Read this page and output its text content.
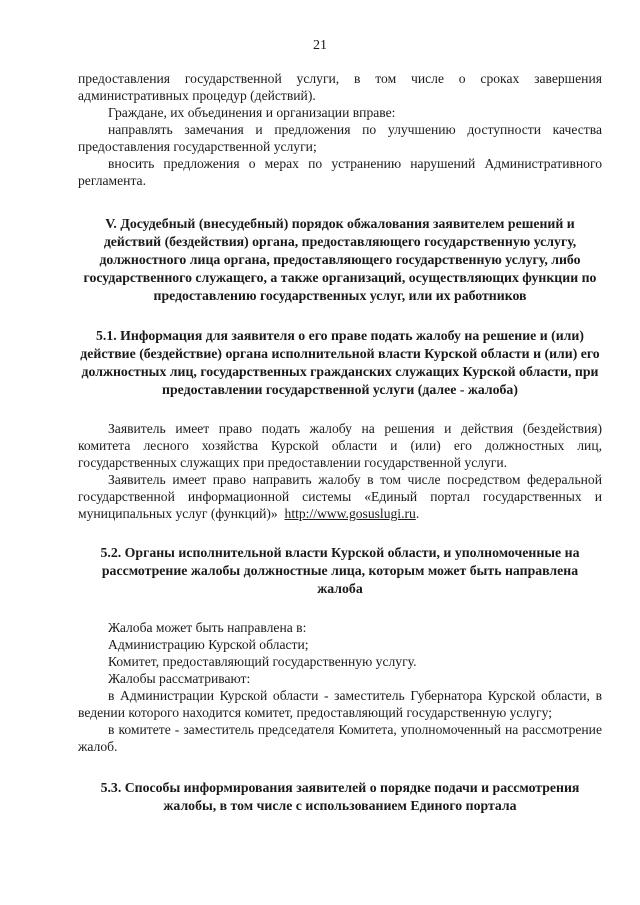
21

предоставления государственной услуги, в том числе о сроках завершения административных процедур (действий).

Граждане, их объединения и организации вправе:

направлять замечания и предложения по улучшению доступности качества предоставления государственной услуги;

вносить предложения о мерах по устранению нарушений Административного регламента.

V. Досудебный (внесудебный) порядок обжалования заявителем решений и действий (бездействия) органа, предоставляющего государственную услугу, должностного лица органа, предоставляющего государственную услугу, либо государственного служащего, а также организаций, осуществляющих функции по предоставлению государственных услуг, или их работников
5.1. Информация для заявителя о его праве подать жалобу на решение и (или) действие (бездействие) органа исполнительной власти Курской области и (или) его должностных лиц, государственных гражданских служащих Курской области, при предоставлении государственной услуги (далее - жалоба)

Заявитель имеет право подать жалобу на решения и действия (бездействия) комитета лесного хозяйства Курской области и (или) его должностных лиц, государственных служащих при предоставлении государственной услуги.

Заявитель имеет право направить жалобу в том числе посредством федеральной государственной информационной системы «Единый портал государственных и муниципальных услуг (функций)» http://www.gosuslugi.ru.

5.2. Органы исполнительной власти Курской области, и уполномоченные на рассмотрение жалобы должностные лица, которым может быть направлена жалоба

Жалоба может быть направлена в:

Администрацию Курской области;

Комитет, предоставляющий государственную услугу.

Жалобы рассматривают:

в Администрации Курской области - заместитель Губернатора Курской области, в ведении которого находится комитет, предоставляющий государственную услугу;

в комитете - заместитель председателя Комитета, уполномоченный на рассмотрение жалоб.

5.3. Способы информирования заявителей о порядке подачи и рассмотрения жалобы, в том числе с использованием Единого портала
